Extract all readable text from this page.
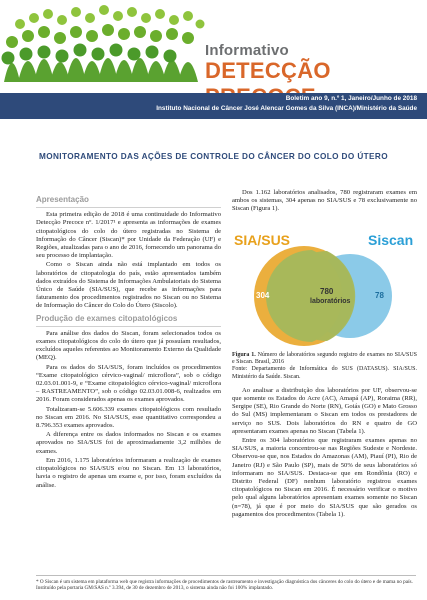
Informativo
DETECÇÃO
Boletim ano 9, n.º 1, Janeiro/Junho de 2018
Instituto Nacional de Câncer José Alencar Gomes da Silva (INCA)/Ministério da Saúde
MONITORAMENTO DAS AÇÕES DE CONTROLE DO CÂNCER DO COLO DO ÚTERO
Apresentação

Esta primeira edição de 2018 é uma continuidade do Informativo Detecção Precoce nº. 1/2017¹ e apresenta as informações de exames citopatológicos do colo do útero registradas no Sistema de Informação do Câncer (Siscan)* por Unidade da Federação (UF) e Regiões, atualizadas para o ano de 2016, fornecendo um panorama do seu processo de implantação.

Como o Siscan ainda não está implantado em todos os laboratórios de citopatologia do país, estão apresentados também dados extraídos do Sistema de Informações Ambulatoriais do Sistema Único de Saúde (SIA/SUS), que recebe as informações para faturamento dos procedimentos registrados no Siscan ou no Sistema de Informação do Câncer do Colo do Útero (Siscolo).

Produção de exames citopatológicos

Para análise dos dados do Siscan, foram selecionados todos os exames citopatológicos do colo do útero que já possuíam resultados, excluídos aqueles referentes ao Monitoramento Externo da Qualidade (MEQ).

Para os dados do SIA/SUS, foram incluídos os procedimentos “Exame citopatológico cérvico-vaginal/ microflora”, sob o código 02.03.01.001-9, e “Exame citopatológico cérvico-vaginal/ microflora – RASTREAMENTO”, sob o código 02.03.01.008-6, realizados em 2016. Foram considerados apenas os exames aprovados.

Totalizaram-se 5.606.339 exames citopatológicos com resultado no Siscan em 2016. No SIA/SUS, esse quantitativo correspondeu a 8.796.353 exames aprovados.

A diferença entre os dados informados no Siscan e os exames aprovados no SIA/SUS foi de aproximadamente 3,2 milhões de exames.

Em 2016, 1.175 laboratórios informaram a realização de exames citopatológicos no SIA/SUS e/ou no Siscan. Em 13 laboratórios, havia o registro de apenas um exame e, por isso, foram excluídos da análise.

Dos 1.162 laboratórios analisados, 780 registraram exames em ambos os sistemas, 304 apenas no SIA/SUS e 78 exclusivamente no Siscan (Figura 1).

SIA/SUS	Siscan
304	780
laboratórios
78
Figura 1. Número de laboratórios segundo registro de exames no SIA/SUS e Siscan. Brasil, 2016
Fonte: Departamento de Informática do SUS (DATASUS). SIA/SUS. Ministério da Saúde. Siscan.

Ao analisar a distribuição dos laboratórios por UF, observou-se que somente os Estados do Acre (AC), Amapá (AP), Roraima (RR), Sergipe (SE), Rio Grande do Norte (RN), Goiás (GO) e Mato Grosso do Sul (MS) implementaram o Siscan em todos os prestadores de serviço no SUS. Dois laboratórios do RN e quatro de GO apresentaram exames apenas no Siscan (Tabela 1).

Entre os 304 laboratórios que registraram exames apenas no SIA/SUS, a maioria concentrou-se nas Regiões Sudeste e Nordeste. Observou-se que, nos Estados do Amazonas (AM), Piauí (PI), Rio de Janeiro (RJ) e São Paulo (SP), mais de 50% de seus laboratórios só informaram no SIA/SUS. Destaca-se que em Rondônia (RO) e Distrito Federal (DF) nenhum laboratório registrou exames citopatológicos no Siscan em 2016. É necessário verificar o motivo pelo qual alguns laboratórios apresentam exames somente no Siscan (n=78), já que é por meio do SIA/SUS que são gerados os pagamentos dos procedimentos (Tabela 1).

* O Siscan é um sistema em plataforma web que registra informações de procedimentos de rastreamento e investigação diagnóstica dos cânceres do colo do útero e de mama no país. Instituído pela portaria GM/SAS n.º 3.394, de 30 de dezembro de 2013, o sistema ainda não foi 100% implantado.
